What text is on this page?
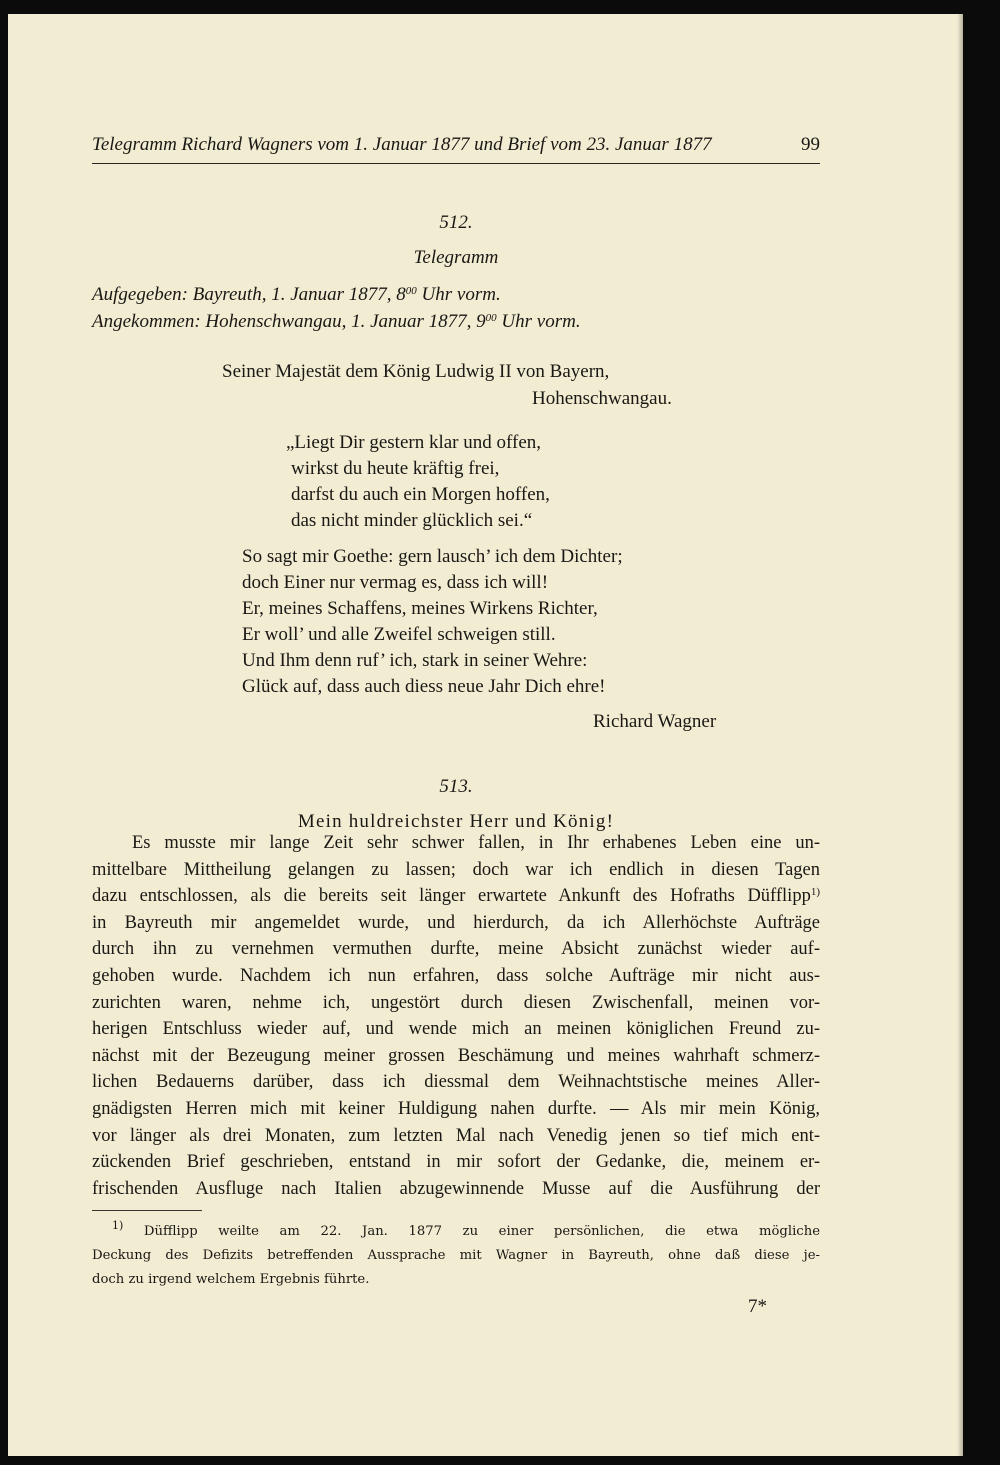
Telegramm Richard Wagners vom 1. Januar 1877 und Brief vom 23. Januar 1877	99
512.
Telegramm
Aufgegeben: Bayreuth, 1. Januar 1877, $8^{00}$ Uhr vorm.
Angekommen: Hohenschwangau, 1. Januar 1877, $9^{00}$ Uhr vorm.
Seiner Majestät dem König Ludwig II von Bayern,
Hohenschwangau.
„Liegt Dir gestern klar und offen,
wirkst du heute kräftig frei,
darfst du auch ein Morgen hoffen,
das nicht minder glücklich sei.“
So sagt mir Goethe: gern lausch’ ich dem Dichter;
doch Einer nur vermag es, dass ich will!
Er, meines Schaffens, meines Wirkens Richter,
Er woll’ und alle Zweifel schweigen still.
Und Ihm denn ruf’ ich, stark in seiner Wehre:
Glück auf, dass auch diess neue Jahr Dich ehre!
Richard Wagner
513.
Mein huldreichster Herr und König!
Es musste mir lange Zeit sehr schwer fallen, in Ihr erhabenes Leben eine un-
mittelbare Mittheilung gelangen zu lassen; doch war ich endlich in diesen Tagen
dazu entschlossen, als die bereits seit länger erwartete Ankunft des Hofraths Düfflipp$^{1)}$
in Bayreuth mir angemeldet wurde, und hierdurch, da ich Allerhöchste Aufträge
durch ihn zu vernehmen vermuthen durfte, meine Absicht zunächst wieder auf-
gehoben wurde. Nachdem ich nun erfahren, dass solche Aufträge mir nicht aus-
zurichten waren, nehme ich, ungestört durch diesen Zwischenfall, meinen vor-
herigen Entschluss wieder auf, und wende mich an meinen königlichen Freund zu-
nächst mit der Bezeugung meiner grossen Beschämung und meines wahrhaft schmerz-
lichen Bedauerns darüber, dass ich diessmal dem Weihnachtstische meines Aller-
gnädigsten Herren mich mit keiner Huldigung nahen durfte. — Als mir mein König,
vor länger als drei Monaten, zum letzten Mal nach Venedig jenen so tief mich ent-
zückenden Brief geschrieben, entstand in mir sofort der Gedanke, die, meinem er-
frischenden Ausfluge nach Italien abzugewinnende Musse auf die Ausführung der
$^{1)}$ Düfflipp weilte am 22. Jan. 1877 zu einer persönlichen, die etwa mögliche
Deckung des Defizits betreffenden Aussprache mit Wagner in Bayreuth, ohne daß diese je-
doch zu irgend welchem Ergebnis führte.
7*
